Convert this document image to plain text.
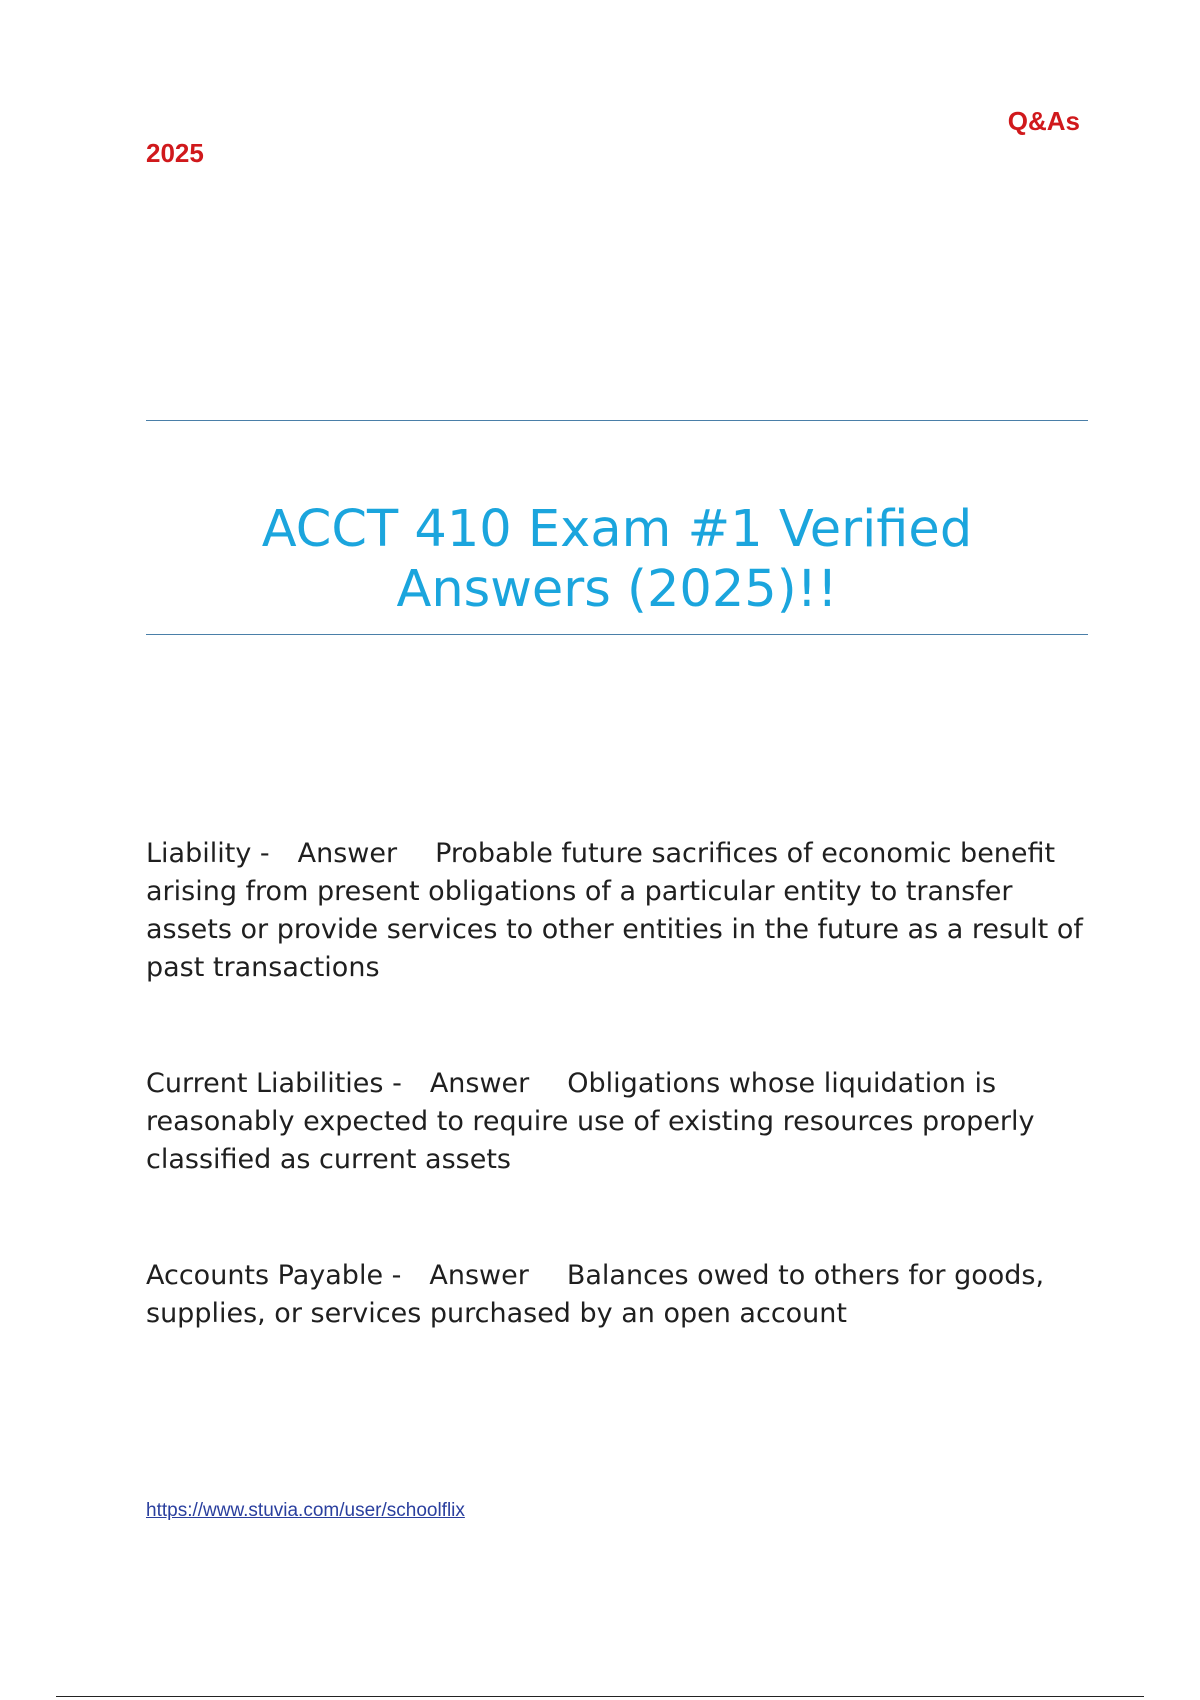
2025
Q&As
ACCT 410 Exam #1 Verified
Answers (2025)!!
Liability - Answer Probable future sacrifices of economic benefit arising from present obligations of a particular entity to transfer assets or provide services to other entities in the future as a result of past transactions
Current Liabilities - Answer Obligations whose liquidation is reasonably expected to require use of existing resources properly classified as current assets
Accounts Payable - Answer Balances owed to others for goods, supplies, or services purchased by an open account
https://www.stuvia.com/user/schoolflix
